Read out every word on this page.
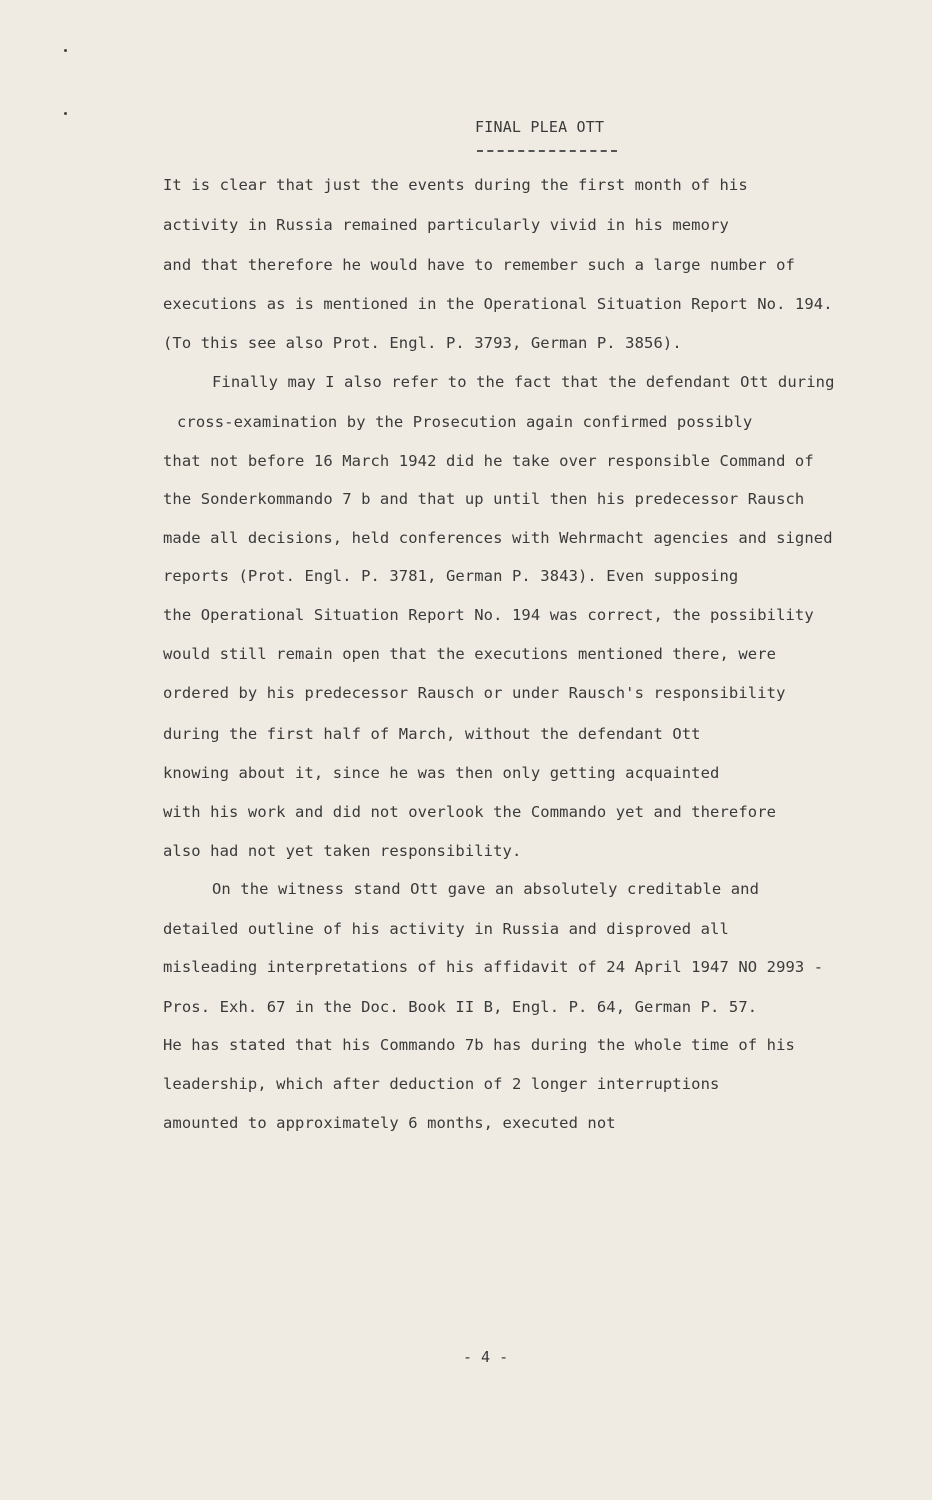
FINAL PLEA OTT
It is clear that just the events during the first month of his
activity in Russia remained particularly vivid in his memory
and that therefore he would have to remember such a large number of
executions as is mentioned in the Operational Situation Report No. 194.
(To this see also Prot. Engl. P. 3793, German P. 3856).
Finally may I also refer to the fact that the defendant Ott during
cross-examination by the Prosecution again confirmed possibly
that not before 16 March 1942 did he take over responsible Command of
the Sonderkommando 7 b and that up until then his predecessor Rausch
made all decisions, held conferences with Wehrmacht agencies and signed
reports (Prot. Engl. P. 3781, German P. 3843). Even supposing
the Operational Situation Report No. 194 was correct, the possibility
would still remain open that the executions mentioned there, were
ordered by his predecessor Rausch or under Rausch's responsibility
during the first half of March, without the defendant Ott
knowing about it, since he was then only getting acquainted
with his work and did not overlook the Commando yet and therefore
also had not yet taken responsibility.
On the witness stand Ott gave an absolutely creditable and
detailed outline of his activity in Russia and disproved all
misleading interpretations of his affidavit of 24 April 1947 NO 2993 -
Pros. Exh. 67 in the Doc. Book II B, Engl. P. 64, German P. 57.
He has stated that his Commando 7b has during the whole time of his
leadership, which after deduction of 2 longer interruptions
amounted to approximately 6 months, executed not
- 4 -
